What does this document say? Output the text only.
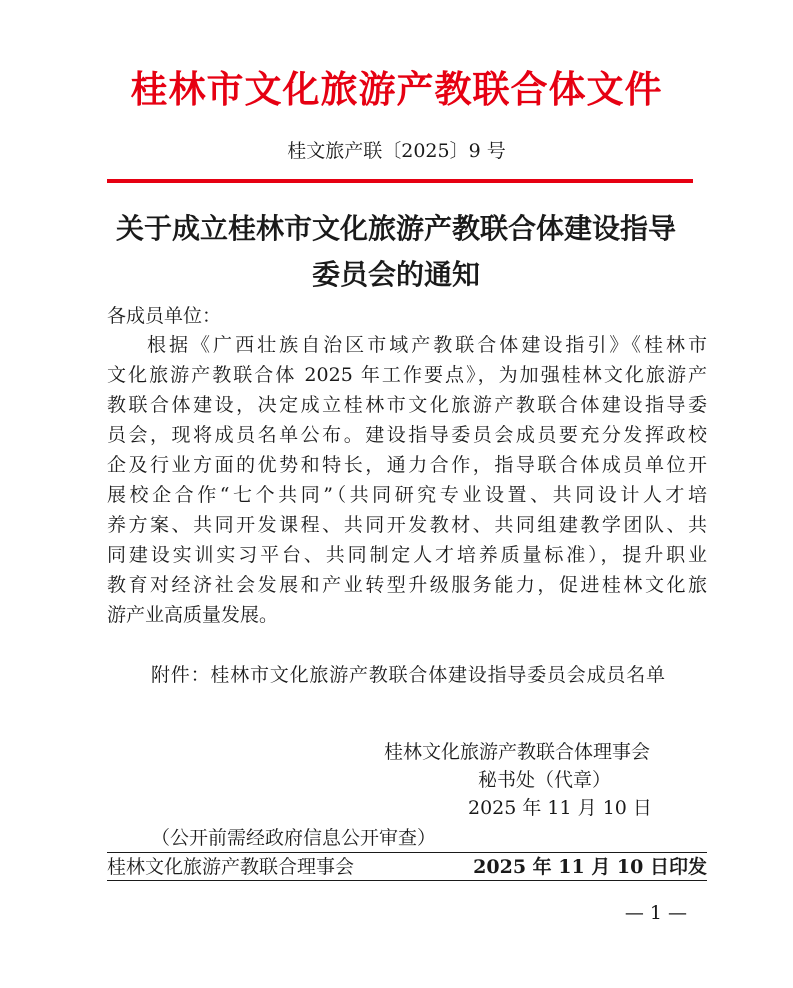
桂林市文化旅游产教联合体文件
桂文旅产联〔2025〕9 号
关于成立桂林市文化旅游产教联合体建设指导
委员会的通知
各成员单位：
根据《广西壮族自治区市域产教联合体建设指引》《桂林市
文化旅游产教联合体 2025 年工作要点》，为加强桂林文化旅游产
教联合体建设，决定成立桂林市文化旅游产教联合体建设指导委
员会，现将成员名单公布。建设指导委员会成员要充分发挥政校
企及行业方面的优势和特长，通力合作，指导联合体成员单位开
展校企合作“七个共同”（共同研究专业设置、共同设计人才培
养方案、共同开发课程、共同开发教材、共同组建教学团队、共
同建设实训实习平台、共同制定人才培养质量标准），提升职业
教育对经济社会发展和产业转型升级服务能力，促进桂林文化旅
游产业高质量发展。
附件：桂林市文化旅游产教联合体建设指导委员会成员名单
桂林文化旅游产教联合体理事会
秘书处（代章）
2025 年 11 月 10 日
（公开前需经政府信息公开审查）
桂林文化旅游产教联合理事会	2025 年 11 月 10 日印发
— 1 —
